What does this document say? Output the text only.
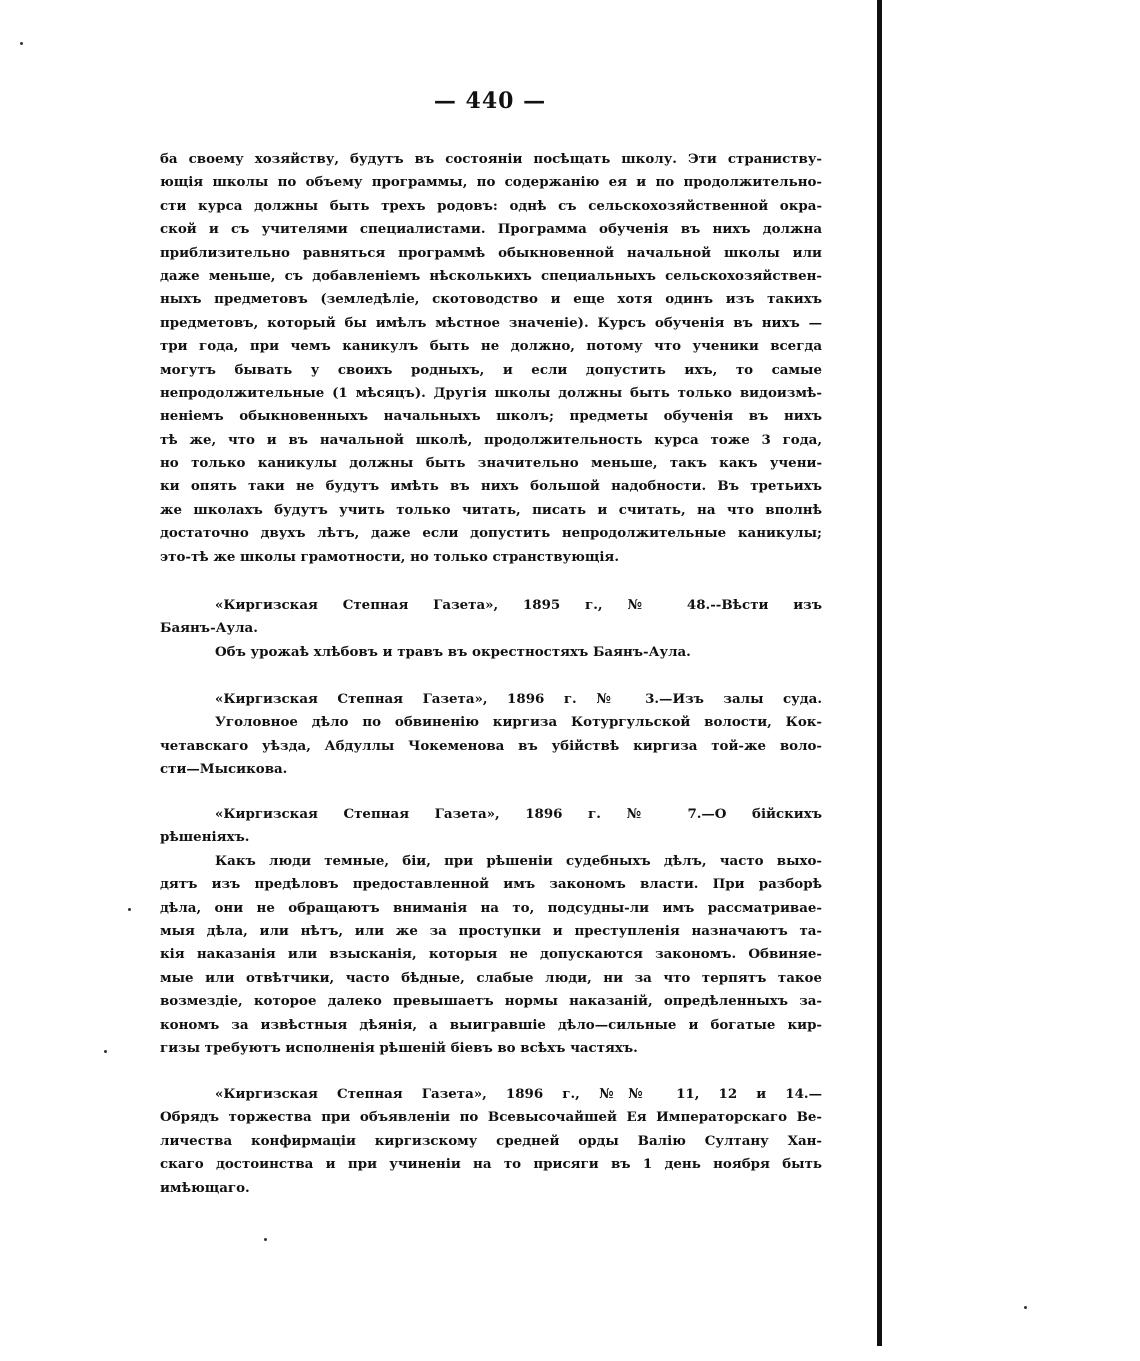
— 440 —
ба своему хозяйству, будутъ въ состоянiи посѣщать школу. Эти страниству-
ющiя школы по объему программы, по содержанiю ея и по продолжительно-
сти курса должны быть трехъ родовъ: однѣ съ сельскохозяйственной окра-
ской и съ учителями специалистами. Программа обученiя въ нихъ должна
приблизительно равняться программѣ обыкновенной начальной школы или
даже меньше, съ добавленiемъ нѣсколькихъ специальныхъ сельскохозяйствен-
ныхъ предметовъ (земледѣлiе, скотоводство и еще хотя одинъ изъ такихъ
предметовъ, который бы имѣлъ мѣстное значенiе). Курсъ обученiя въ нихъ —
три года, при чемъ каникулъ быть не должно, потому что ученики всегда
могутъ бывать у своихъ родныхъ, и если допустить ихъ, то самые
непродолжительные (1 мѣсяцъ). Другiя школы должны быть только видоизмѣ-
ненiемъ обыкновенныхъ начальныхъ школъ; предметы обученiя въ нихъ
тѣ же, что и въ начальной школѣ, продолжительность курса тоже 3 года,
но только каникулы должны быть значительно меньше, такъ какъ учени-
ки опять таки не будутъ имѣть въ нихъ большой надобности. Въ третьихъ
же школахъ будутъ учить только читать, писать и считать, на что вполнѣ
достаточно двухъ лѣтъ, даже если допустить непродолжительные каникулы;
это-тѣ же школы грамотности, но только странствующiя.
«Киргизская Степная Газета», 1895 г., № 48.--Вѣсти изъ
Баянъ-Аула.
Объ урожаѣ хлѣбовъ и травъ въ окрестностяхъ Баянъ-Аула.
«Киргизская Степная Газета», 1896 г. № 3.—Изъ залы суда.
Уголовное дѣло по обвиненiю киргиза Котургульской волости, Кок-
четавскаго уѣзда, Абдуллы Чокеменова въ убiйствѣ киргиза той-же воло-
сти—Мысикова.
«Киргизская Степная Газета», 1896 г. № 7.—О бiйскихъ
рѣшенiяхъ.
Какъ люди темные, бiи, при рѣшенiи судебныхъ дѣлъ, часто выхо-
дятъ изъ предѣловъ предоставленной имъ закономъ власти. При разборѣ
дѣла, они не обращаютъ вниманiя на то, подсудны-ли имъ рассматривае-
мыя дѣла, или нѣтъ, или же за проступки и преступленiя назначаютъ та-
кiя наказанiя или взысканiя, которыя не допускаются закономъ. Обвиняе-
мые или отвѣтчики, часто бѣдные, слабые люди, ни за что терпятъ такое
возмездiе, которое далеко превышаетъ нормы наказанiй, опредѣленныхъ за-
кономъ за извѣстныя дѣянiя, а выигравшiе дѣло—сильные и богатые кир-
гизы требуютъ исполненiя рѣшенiй бiевъ во всѣхъ частяхъ.
«Киргизская Степная Газета», 1896 г., №№ 11, 12 и 14.—
Обрядъ торжества при объявленiи по Всевысочайшей Ея Императорскаго Ве-
личества конфирмацiи киргизскому средней орды Валiю Султану Хан-
скаго достоинства и при учиненiи на то присяги въ 1 день ноября быть
имѣющаго.
